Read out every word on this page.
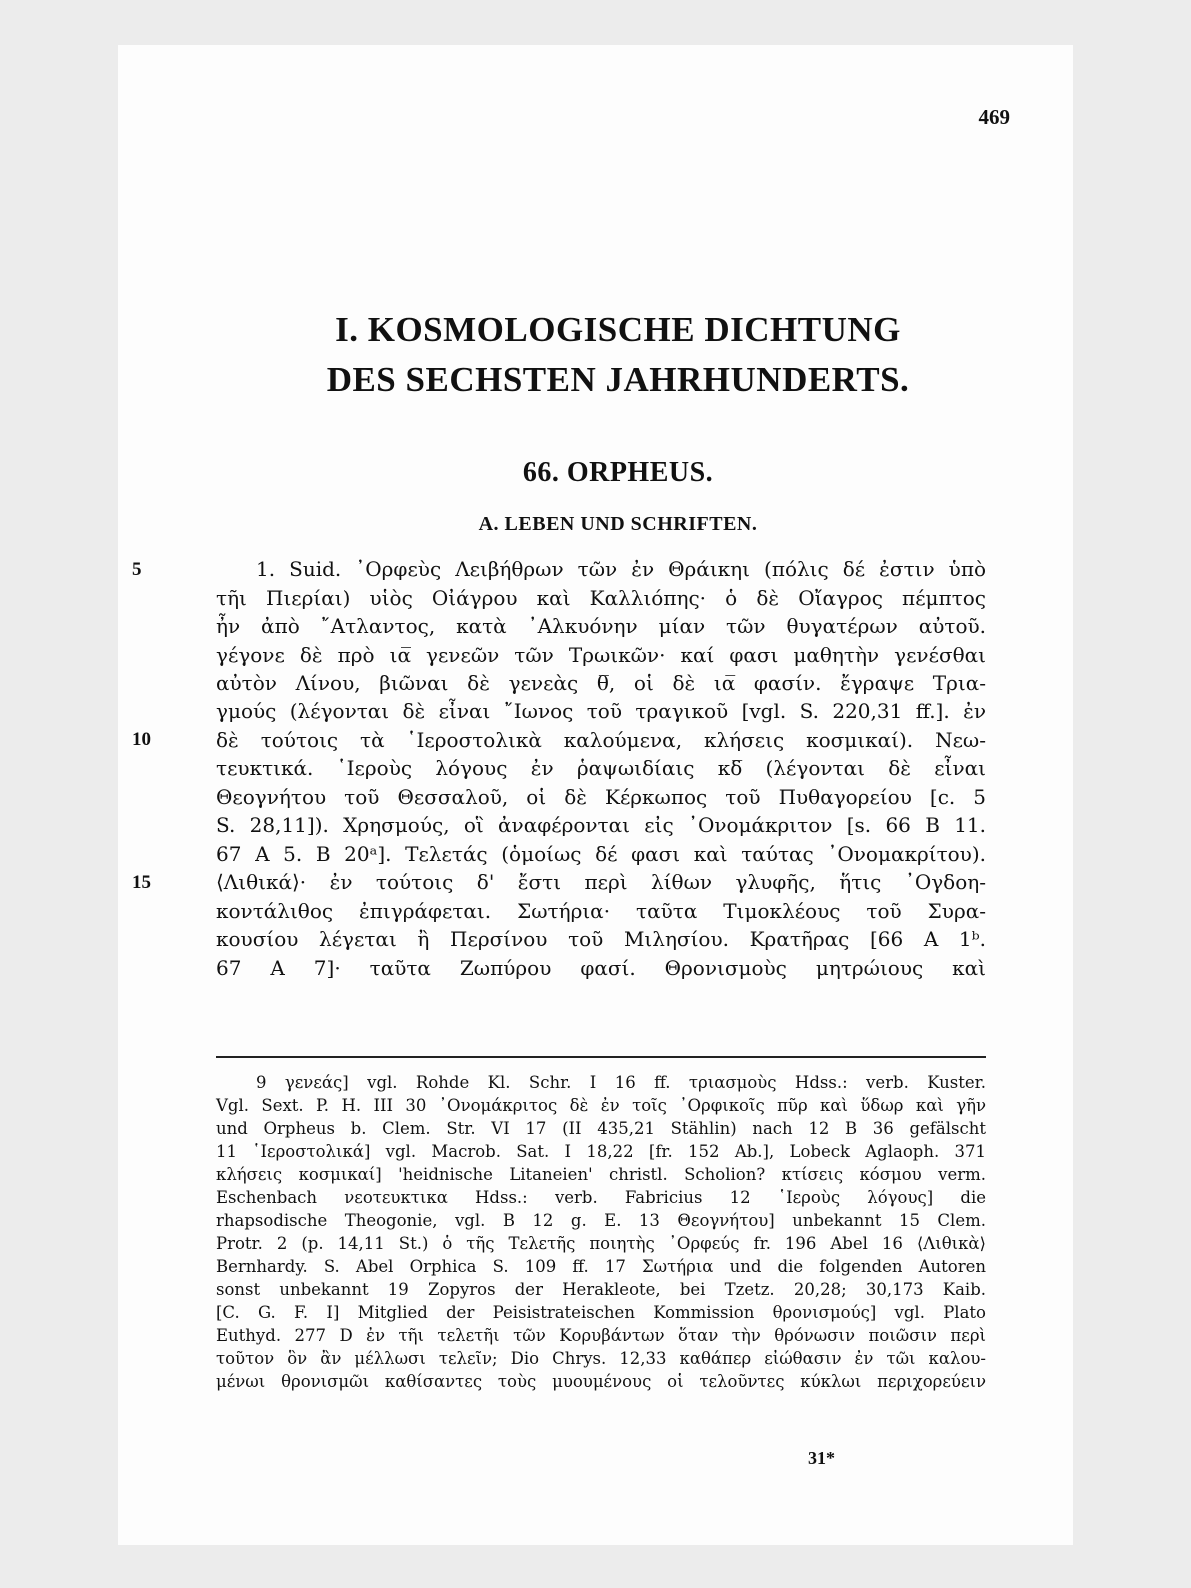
469
I. KOSMOLOGISCHE DICHTUNG
DES SECHSTEN JAHRHUNDERTS.
66. ORPHEUS.
A. LEBEN UND SCHRIFTEN.
5
10
15
1. Suid. ᾿Ορφεὺς Λειβήθρων τῶν ἐν Θράικηι (πόλις δέ ἐστιν ὑπὸ
τῆι Πιερίαι) υἱὸς Οἰάγρου καὶ Καλλιόπης· ὁ δὲ Οἴαγρος πέμπτος
ἦν ἀπὸ ῎Ατλαντος, κατὰ ᾿Αλκυόνην μίαν τῶν θυγατέρων αὐτοῦ.
γέγονε δὲ πρὸ ια̅ γενεῶν τῶν Τρωικῶν· καί φασι μαθητὴν γενέσθαι
αὐτὸν Λίνου, βιῶναι δὲ γενεὰς θ̅, οἱ δὲ ια̅ φασίν. ἔγραψε Τρια-
γμούς (λέγονται δὲ εἶναι ῎Ιωνος τοῦ τραγικοῦ [vgl. S. 220,31 ff.]. ἐν
δὲ τούτοις τὰ ῾Ιεροστολικὰ καλούμενα, κλήσεις κοσμικαί). Νεω-
τευκτικά. ῾Ιεροὺς λόγους ἐν ῥαψωιδίαις κδ̅ (λέγονται δὲ εἶναι
Θεογνήτου τοῦ Θεσσαλοῦ, οἱ δὲ Κέρκωπος τοῦ Πυθαγορείου [c. 5
S. 28,11]). Χρησμούς, οἳ ἀναφέρονται εἰς ᾿Ονομάκριτον [s. 66 B 11.
67 A 5. B 20ᵃ]. Τελετάς (ὁμοίως δέ φασι καὶ ταύτας ᾿Ονομακρίτου).
⟨Λιθικά⟩· ἐν τούτοις δ' ἔστι περὶ λίθων γλυφῆς, ἥτις ᾿Ογδοη-
κοντάλιθος ἐπιγράφεται. Σωτήρια· ταῦτα Τιμοκλέους τοῦ Συρα-
κουσίου λέγεται ἢ Περσίνου τοῦ Μιλησίου. Κρατῆρας [66 A 1ᵇ.
67 A 7]· ταῦτα Ζωπύρου φασί. Θρονισμοὺς μητρώιους καὶ
9 γενεάς] vgl. Rohde Kl. Schr. I 16 ff. τριασμοὺς Hdss.: verb. Kuster.
Vgl. Sext. P. H. III 30 ᾿Ονομάκριτος δὲ ἐν τοῖς ᾿Ορφικοῖς πῦρ καὶ ὕδωρ καὶ γῆν
und Orpheus b. Clem. Str. VI 17 (II 435,21 Stählin) nach 12 B 36 gefälscht
11 ῾Ιεροστολικά] vgl. Macrob. Sat. I 18,22 [fr. 152 Ab.], Lobeck Aglaoph. 371
κλήσεις κοσμικαί] 'heidnische Litaneien' christl. Scholion? κτίσεις κόσμου verm.
Eschenbach νεοτευκτικα Hdss.: verb. Fabricius 12 ῾Ιεροὺς λόγους] die
rhapsodische Theogonie, vgl. B 12 g. E. 13 Θεογνήτου] unbekannt 15 Clem.
Protr. 2 (p. 14,11 St.) ὁ τῆς Τελετῆς ποιητὴς ᾿Ορφεύς fr. 196 Abel 16 ⟨Λιθικὰ⟩
Bernhardy. S. Abel Orphica S. 109 ff. 17 Σωτήρια und die folgenden Autoren
sonst unbekannt 19 Zopyros der Herakleote, bei Tzetz. 20,28; 30,173 Kaib.
[C. G. F. I] Mitglied der Peisistrateischen Kommission θρονισμούς] vgl. Plato
Euthyd. 277 D ἐν τῆι τελετῆι τῶν Κορυβάντων ὅταν τὴν θρόνωσιν ποιῶσιν περὶ
τοῦτον ὃν ἂν μέλλωσι τελεῖν; Dio Chrys. 12,33 καθάπερ εἰώθασιν ἐν τῶι καλου-
μένωι θρονισμῶι καθίσαντες τοὺς μυουμένους οἱ τελοῦντες κύκλωι περιχορεύειν
31*
